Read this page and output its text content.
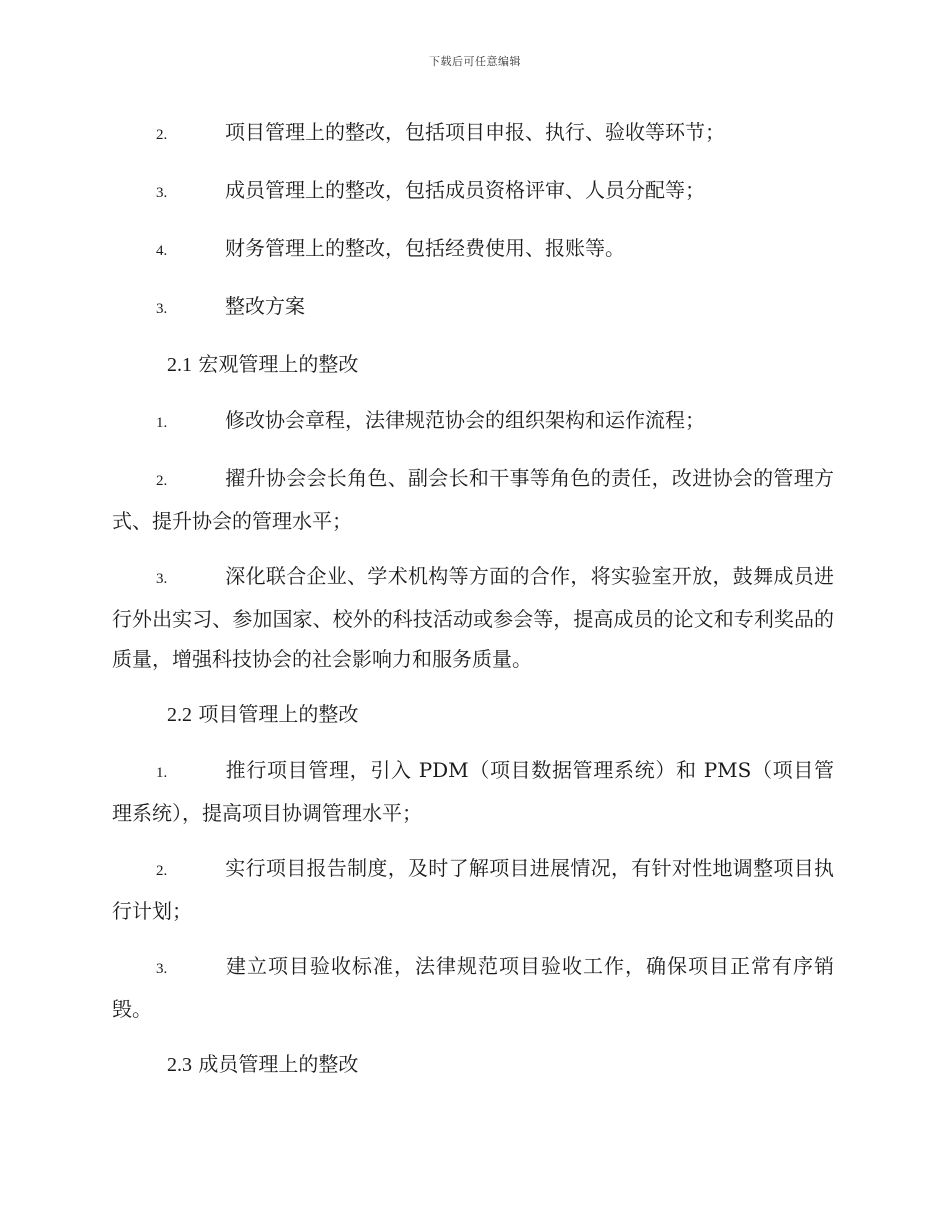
下载后可任意编辑

2.	项目管理上的整改，包括项目申报、执行、验收等环节；

3.	成员管理上的整改，包括成员资格评审、人员分配等；

4.	财务管理上的整改，包括经费使用、报账等。

3.	整改方案

2.1 宏观管理上的整改

1.	修改协会章程，法律规范协会的组织架构和运作流程；

2.	擢升协会会长角色、副会长和干事等角色的责任，改进协会的管理方式、提升协会的管理水平；

3.	深化联合企业、学术机构等方面的合作，将实验室开放，鼓舞成员进行外出实习、参加国家、校外的科技活动或参会等，提高成员的论文和专利奖品的质量，增强科技协会的社会影响力和服务质量。

2.2 项目管理上的整改

1.	推行项目管理，引入 PDM（项目数据管理系统）和 PMS（项目管理系统），提高项目协调管理水平；

2.	实行项目报告制度，及时了解项目进展情况，有针对性地调整项目执行计划；

3.	建立项目验收标准，法律规范项目验收工作，确保项目正常有序销毁。

2.3 成员管理上的整改
